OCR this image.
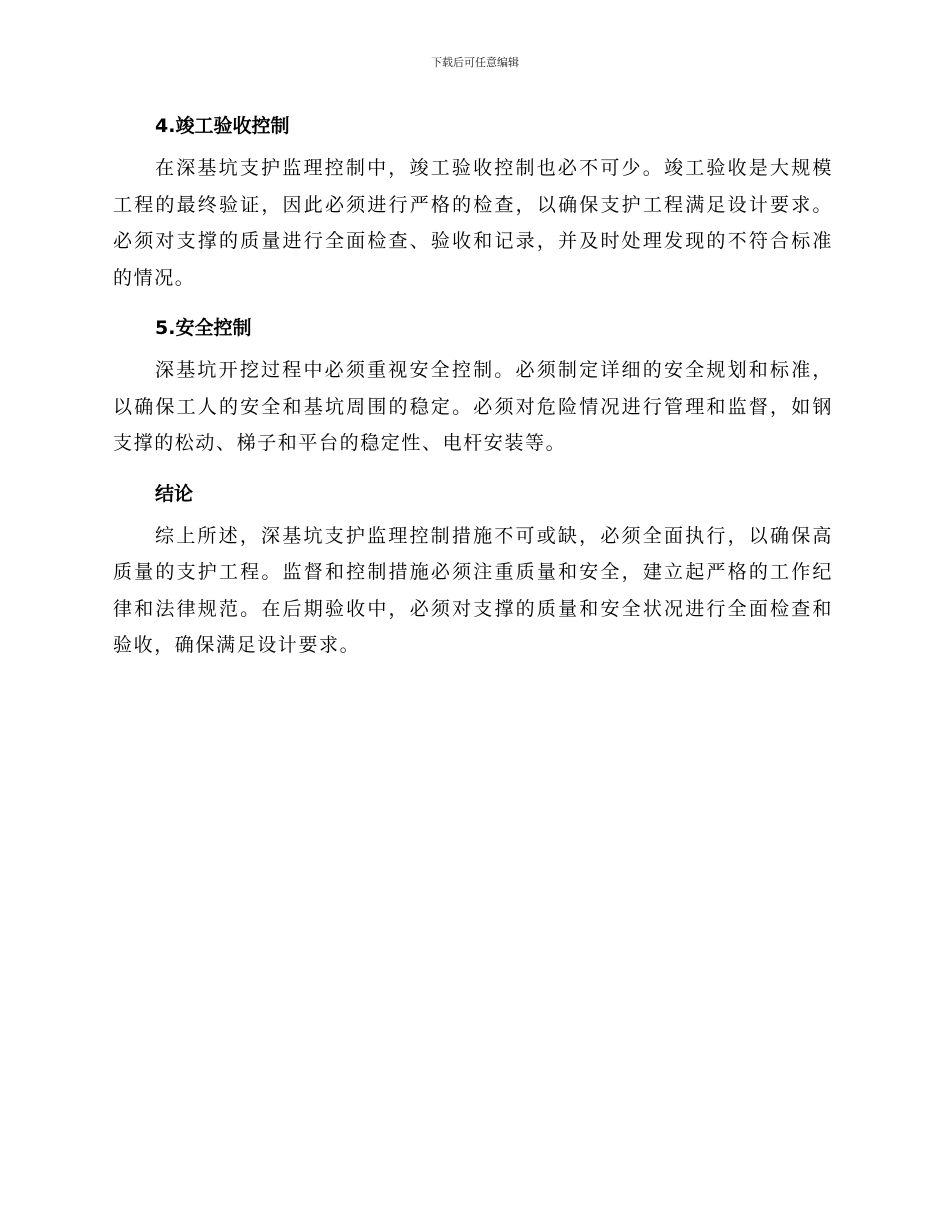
下载后可任意编辑
4.竣工验收控制

在深基坑支护监理控制中，竣工验收控制也必不可少。竣工验收是大规模工程的最终验证，因此必须进行严格的检查，以确保支护工程满足设计要求。必须对支撑的质量进行全面检查、验收和记录，并及时处理发现的不符合标准的情况。

5.安全控制

深基坑开挖过程中必须重视安全控制。必须制定详细的安全规划和标准，以确保工人的安全和基坑周围的稳定。必须对危险情况进行管理和监督，如钢支撑的松动、梯子和平台的稳定性、电杆安装等。

结论

综上所述，深基坑支护监理控制措施不可或缺，必须全面执行，以确保高质量的支护工程。监督和控制措施必须注重质量和安全，建立起严格的工作纪律和法律规范。在后期验收中，必须对支撑的质量和安全状况进行全面检查和验收，确保满足设计要求。
